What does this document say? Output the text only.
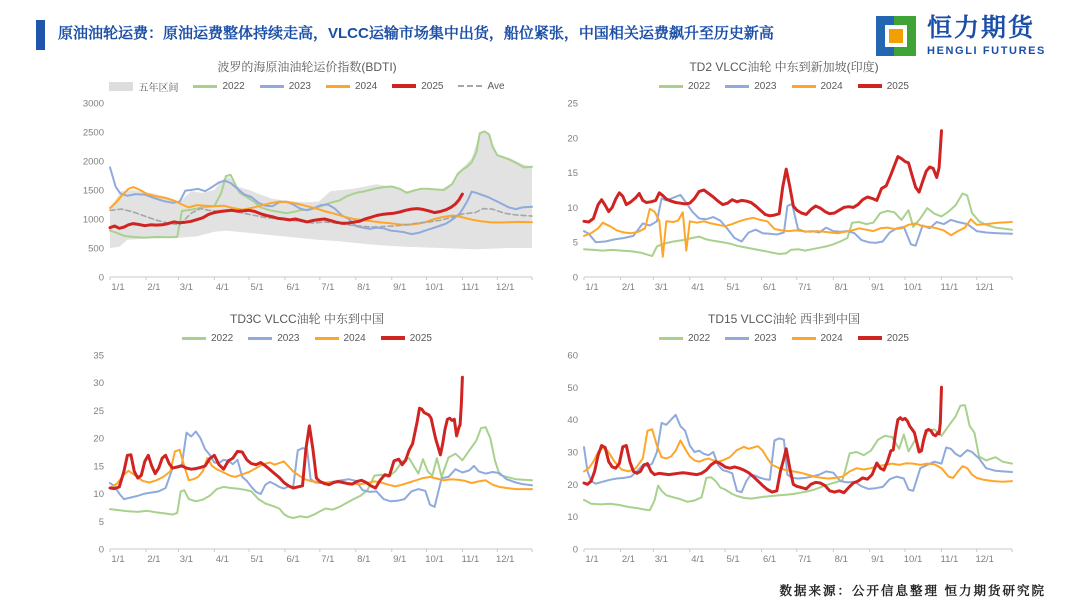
原油油轮运费：原油运费整体持续走高，VLCC运输市场集中出货，船位紧张，中国相关运费飙升至历史新高	恒力期货
HENGLI FUTURES
波罗的海原油油轮运价指数(BDTI)
五年区间	2022	2023	2024	2025	Ave
0
500
1000
1500
2000
2500
3000
1/1 2/1 3/1 4/1 5/1 6/1 7/1 8/1 9/1 10/1 11/1 12/1
TD2 VLCC油轮 中东到新加坡(印度)
2022	2023	2024	2025
0
5
10
15
20
25
1/1 2/1 3/1 4/1 5/1 6/1 7/1 8/1 9/1 10/1 11/1 12/1
TD3C VLCC油轮 中东到中国
2022	2023	2024	2025
0
5
10
15
20
25
30
35
1/1 2/1 3/1 4/1 5/1 6/1 7/1 8/1 9/1 10/1 11/1 12/1
TD15 VLCC油轮 西非到中国
2022	2023	2024	2025
0
10
20
30
40
50
60
1/1 2/1 3/1 4/1 5/1 6/1 7/1 8/1 9/1 10/1 11/1 12/1
数据来源：公开信息整理 恒力期货研究院
